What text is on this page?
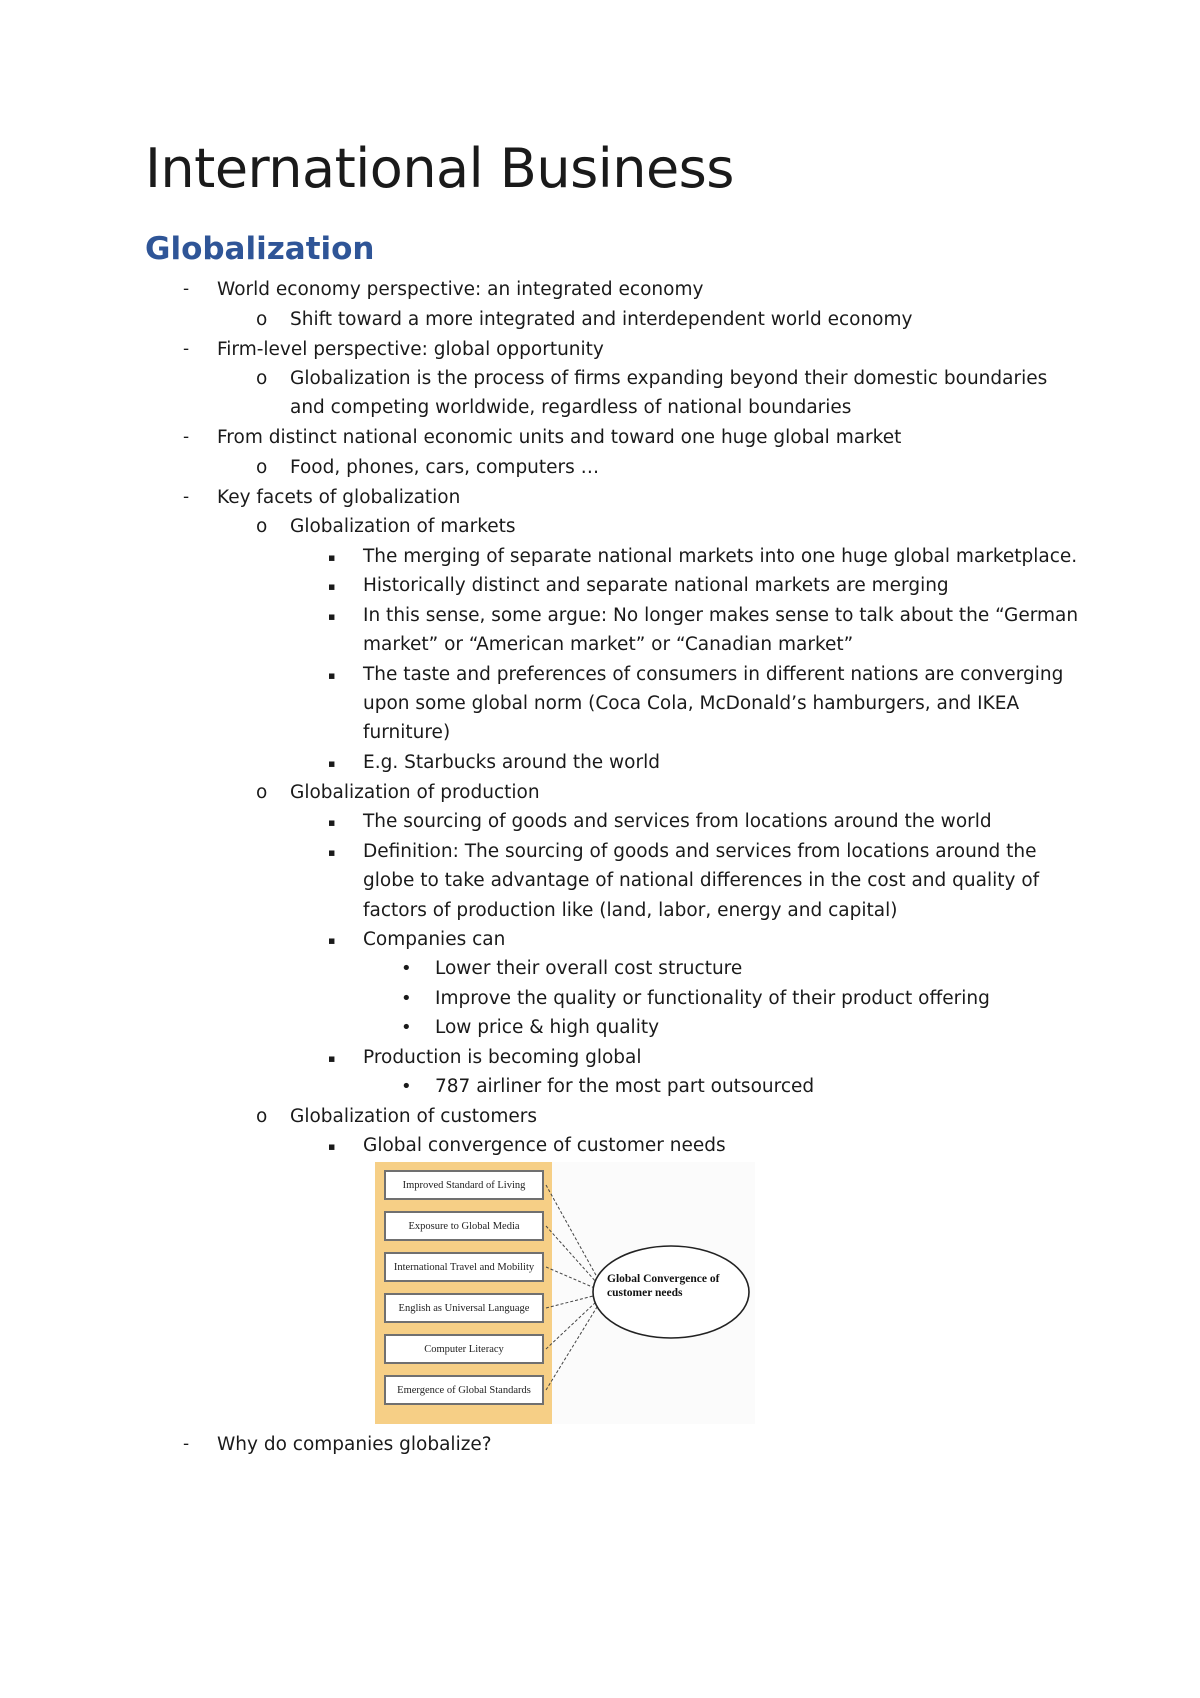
International Business
Globalization
- World economy perspective: an integrated economy
o Shift toward a more integrated and interdependent world economy
- Firm-level perspective: global opportunity
o Globalization is the process of firms expanding beyond their domestic boundaries
and competing worldwide, regardless of national boundaries
- From distinct national economic units and toward one huge global market
o Food, phones, cars, computers …
- Key facets of globalization
o Globalization of markets
▪ The merging of separate national markets into one huge global marketplace.
▪ Historically distinct and separate national markets are merging
▪ In this sense, some argue: No longer makes sense to talk about the “German
market” or “American market” or “Canadian market”
▪ The taste and preferences of consumers in different nations are converging
upon some global norm (Coca Cola, McDonald’s hamburgers, and IKEA
furniture)
▪ E.g. Starbucks around the world
o Globalization of production
▪ The sourcing of goods and services from locations around the world
▪ Definition: The sourcing of goods and services from locations around the
globe to take advantage of national differences in the cost and quality of
factors of production like (land, labor, energy and capital)
▪ Companies can
• Lower their overall cost structure
• Improve the quality or functionality of their product offering
• Low price & high quality
▪ Production is becoming global
• 787 airliner for the most part outsourced
o Globalization of customers
▪ Global convergence of customer needs
- Why do companies globalize?
Improved Standard of Living
Exposure to Global Media
International Travel and Mobility
English as Universal Language
Computer Literacy
Emergence of Global Standards
Global Convergence of customer needs
